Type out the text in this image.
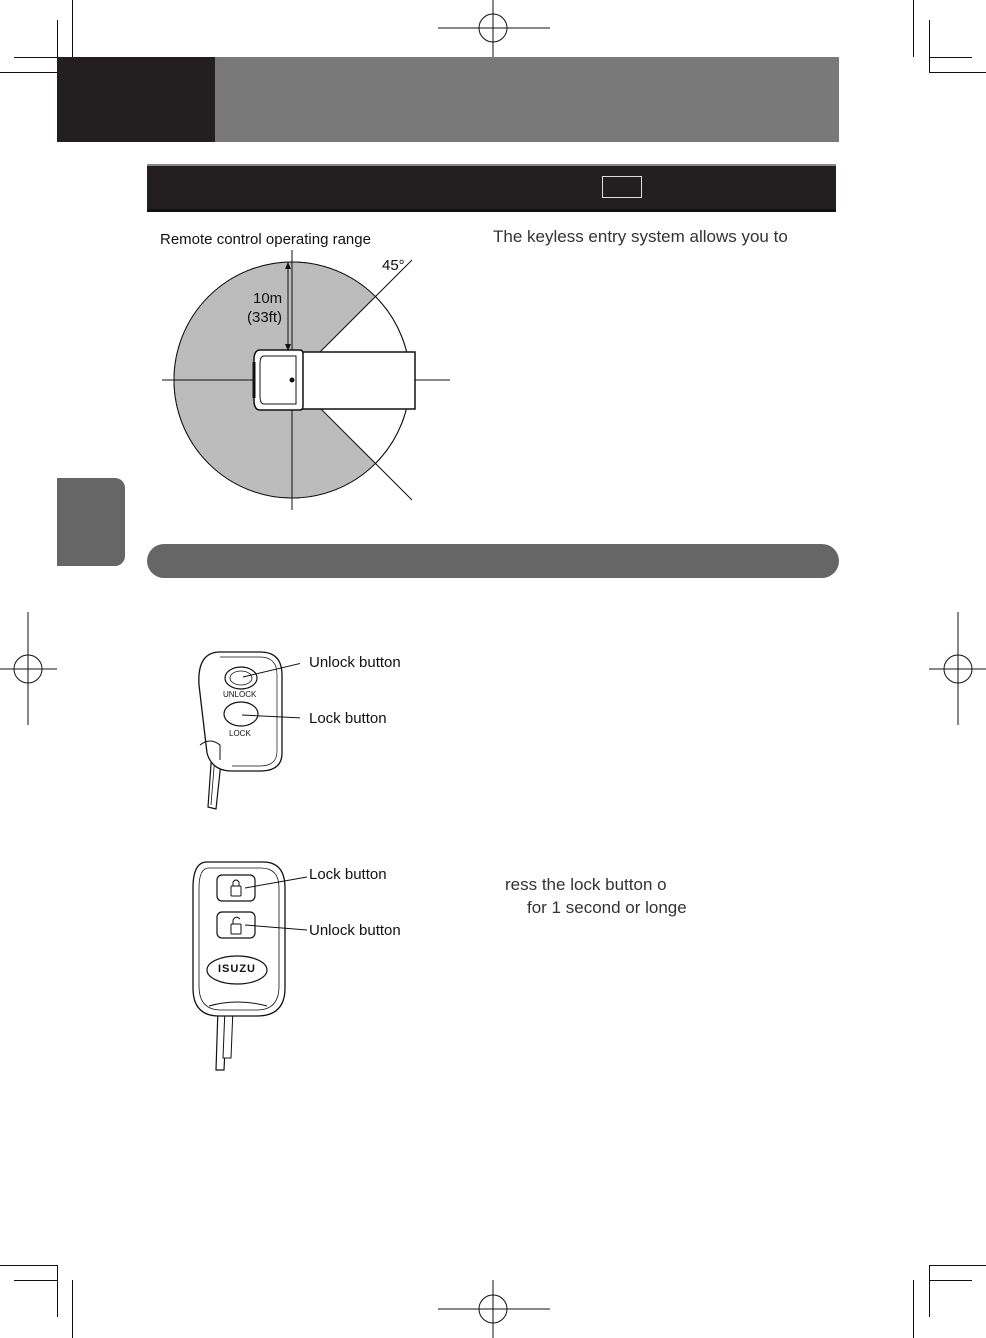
Remote control operating range
45°
10m
(33ft)
The keyless entry system allows you to
UNLOCK
LOCK
Unlock button
Lock button
ISUZU
Lock button
Unlock button
ress the lock button o
for 1 second or longe
